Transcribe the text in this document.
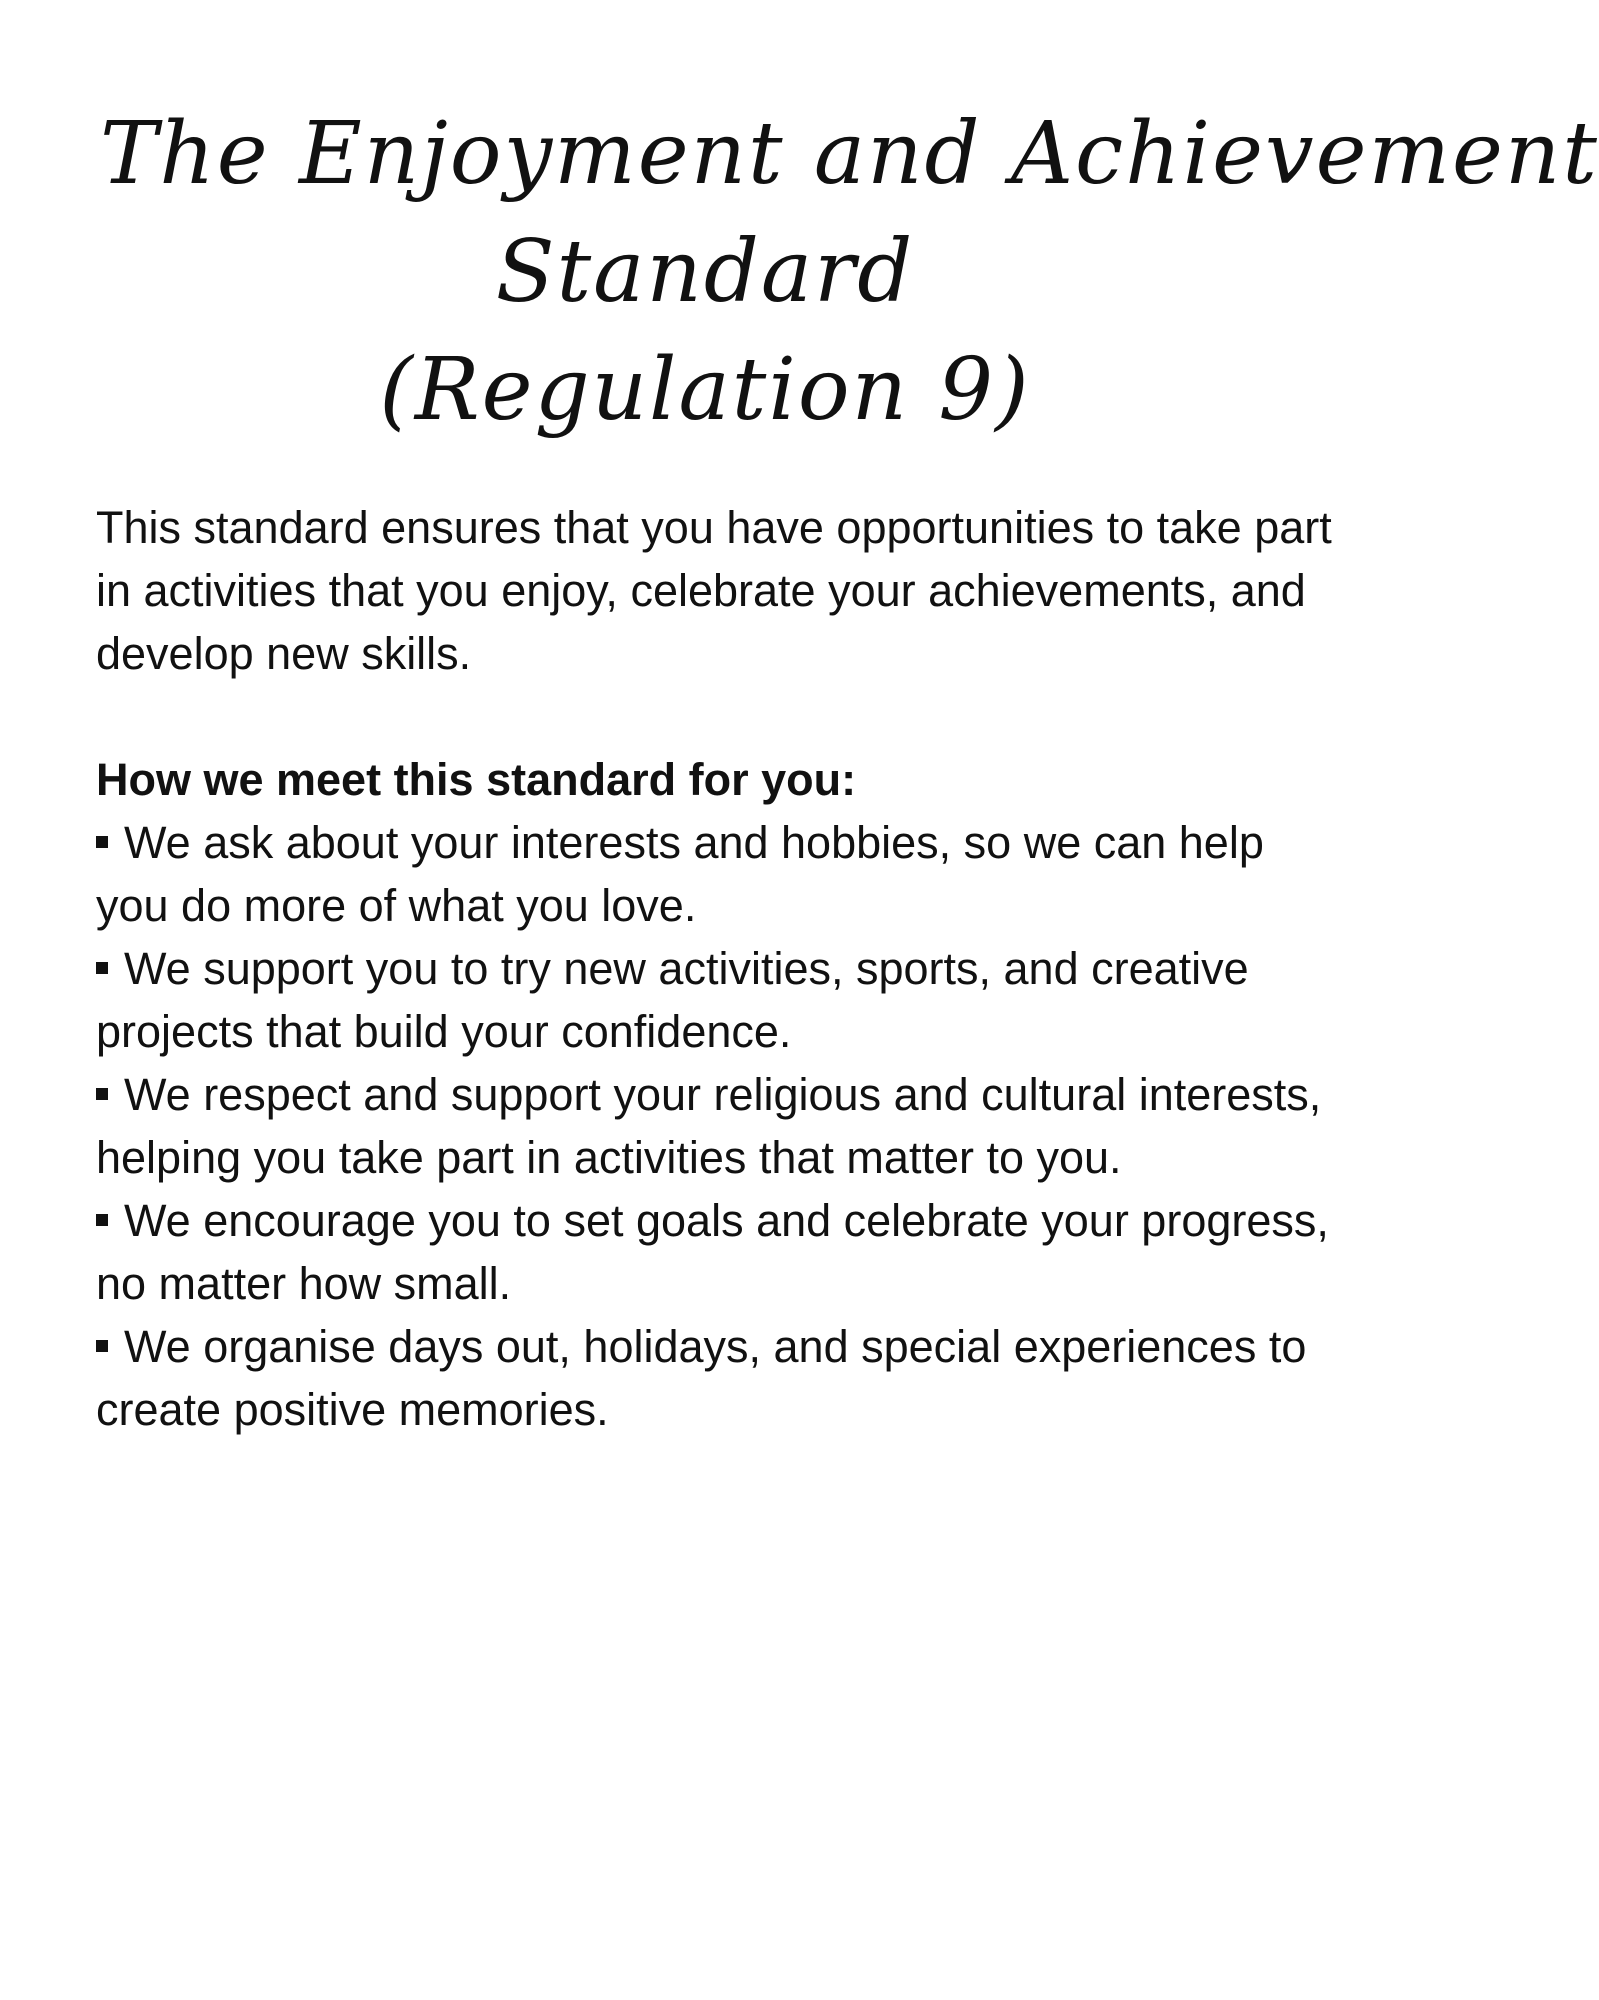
The Enjoyment and Achievement
Standard
(Regulation 9)

This standard ensures that you have opportunities to take part in activities that you enjoy, celebrate your achievements, and develop new skills.

How we meet this standard for you:

We ask about your interests and hobbies, so we can help you do more of what you love.
We support you to try new activities, sports, and creative projects that build your confidence.
We respect and support your religious and cultural interests, helping you take part in activities that matter to you.
We encourage you to set goals and celebrate your progress, no matter how small.
We organise days out, holidays, and special experiences to create positive memories.
